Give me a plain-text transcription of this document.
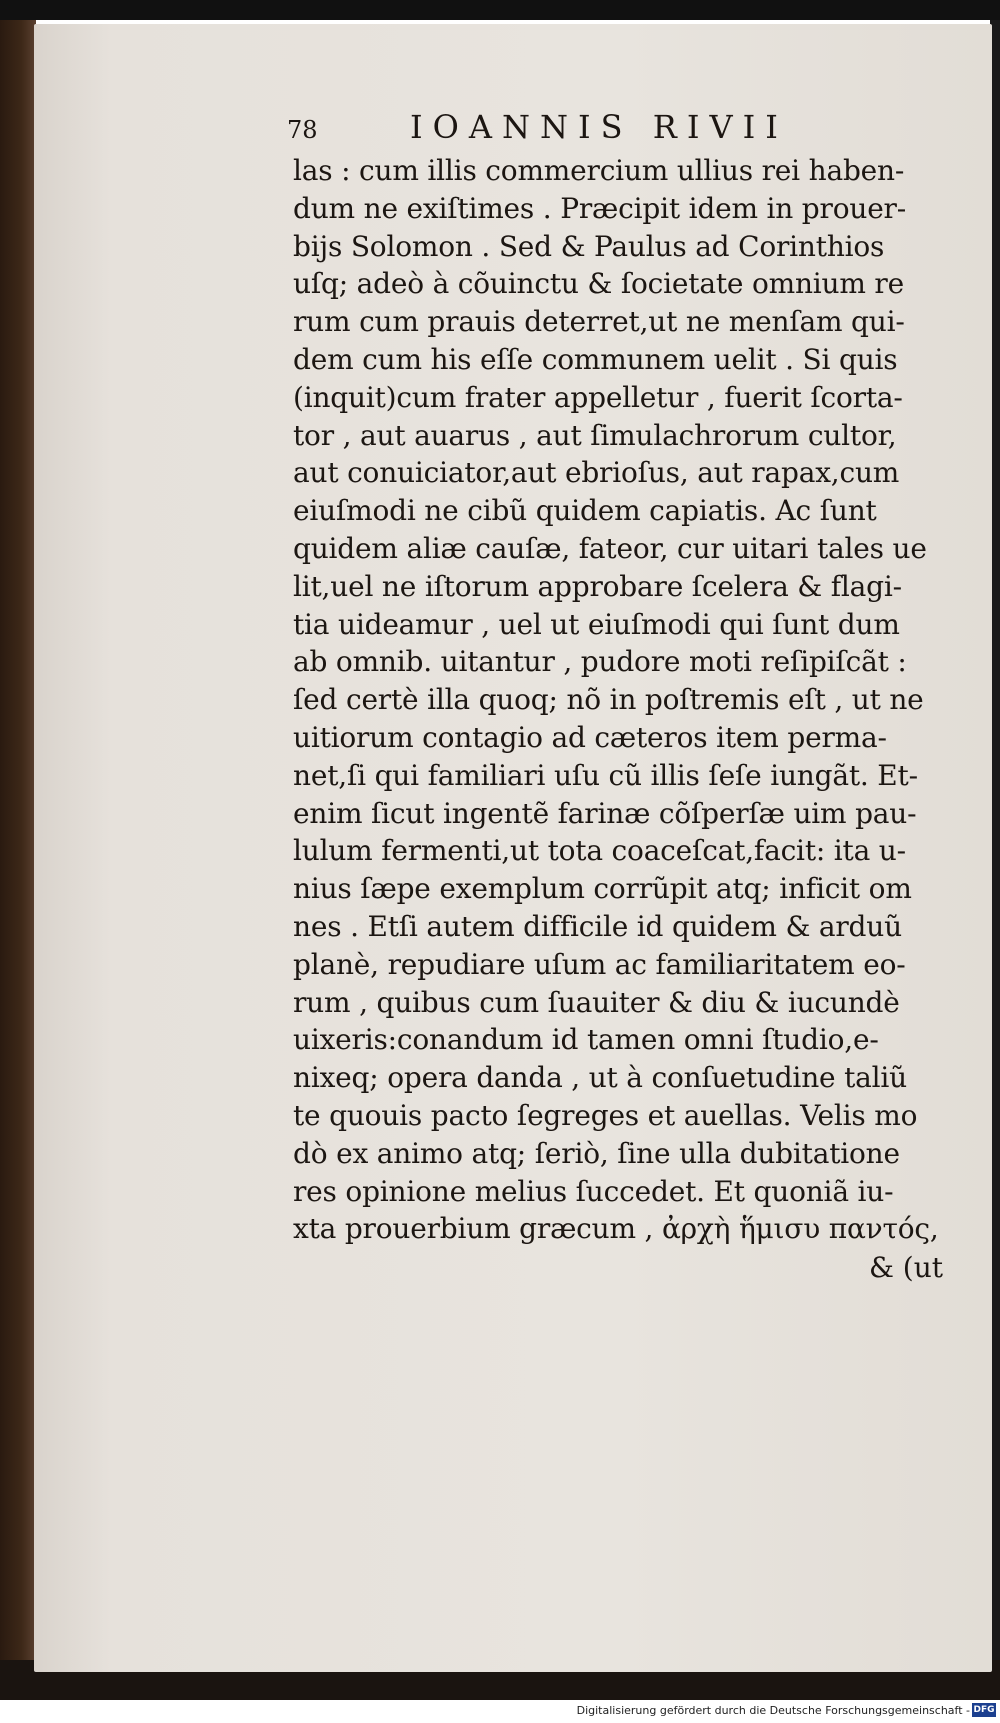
78	IOANNIS RIVII
las : cum illis commercium ullius rei haben-
dum ne exiſtimes . Præcipit idem in prouer-
bijs Solomon . Sed & Paulus ad Corinthios
uſq; adeò à cõuinctu & ſocietate omnium re
rum cum prauis deterret,ut ne menſam qui-
dem cum his eſſe communem uelit . Si quis
(inquit)cum frater appelletur , fuerit ſcorta-
tor , aut auarus , aut ſimulachrorum cultor,
aut conuiciator,aut ebrioſus, aut rapax,cum
eiuſmodi ne cibũ quidem capiatis. Ac ſunt
quidem aliæ cauſæ, fateor, cur uitari tales ue
lit,uel ne iſtorum approbare ſcelera & flagi-
tia uideamur , uel ut eiuſmodi qui ſunt dum
ab omnib. uitantur , pudore moti reſipiſcãt :
ſed certè illa quoq; nõ in poſtremis eſt , ut ne
uitiorum contagio ad cæteros item perma-
net,ſi qui familiari uſu cũ illis ſeſe iungãt. Et-
enim ſicut ingentẽ farinæ cõſperſæ uim pau-
lulum fermenti,ut tota coaceſcat,facit: ita u-
nius ſæpe exemplum corrũpit atq; inficit om
nes . Etſi autem difficile id quidem & arduũ
planè, repudiare uſum ac familiaritatem eo-
rum , quibus cum ſuauiter & diu & iucundè
uixeris:conandum id tamen omni ſtudio,e-
nixeq; opera danda , ut à conſuetudine taliũ
te quouis pacto ſegreges et auellas. Velis mo
dò ex animo atq; ſeriò, ſine ulla dubitatione
res opinione melius ſuccedet. Et quoniã iu-
xta prouerbium græcum , ἀρχὴ ἥμισυ παντός,
& (ut
Digitalisierung gefördert durch die Deutsche Forschungsgemeinschaft - DFG
